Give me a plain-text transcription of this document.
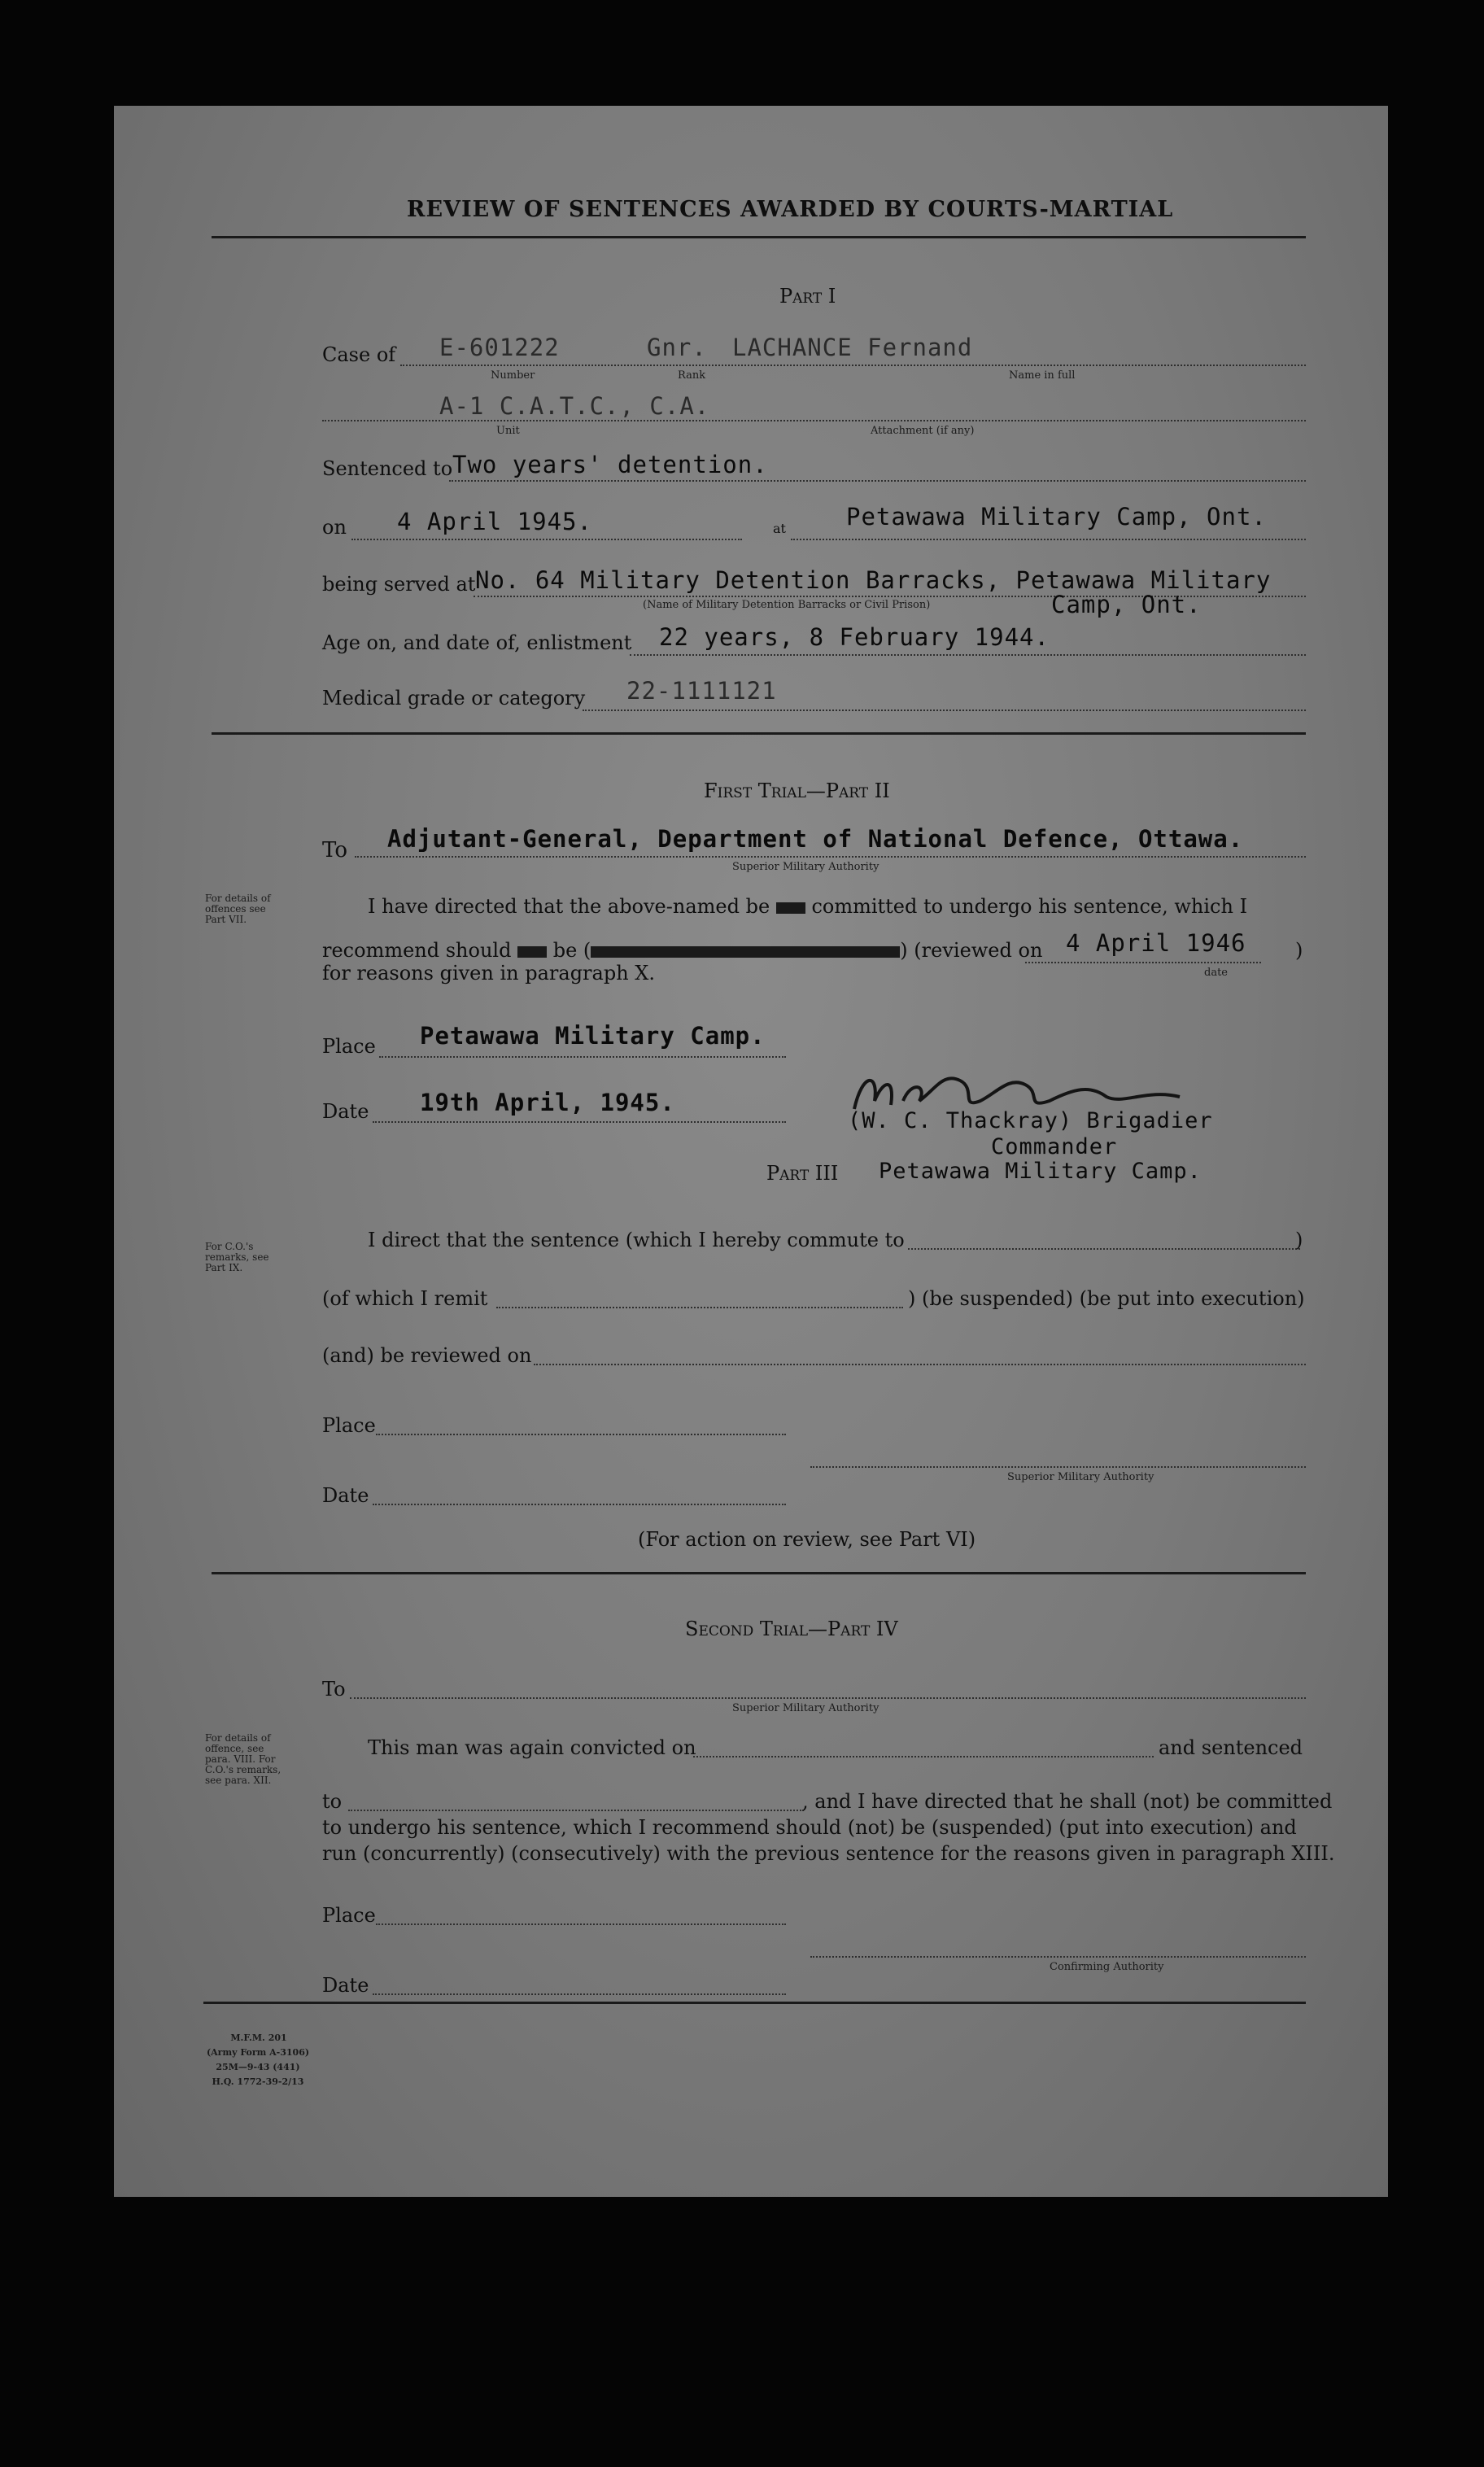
REVIEW OF SENTENCES AWARDED BY COURTS-MARTIAL
Part I
Case of E-601222	Gnr. LACHANCE Fernand
Number	Rank	Name in full
A-1 C.A.T.C., C.A.
Unit	Attachment (if any)
Sentenced to Two years' detention.
on 4 April 1945.	at	Petawawa Military Camp, Ont.
being served at No. 64 Military Detention Barracks, Petawawa Military
Camp, Ont.
(Name of Military Detention Barracks or Civil Prison)
Age on, and date of, enlistment 22 years, 8 February 1944.
Medical grade or category 22-1111121
First Trial—Part II
To Adjutant-General, Department of National Defence, Ottawa.
Superior Military Authority
For details of offences see Part VII.
I have directed that the above-named be committed to undergo his sentence, which I
recommend should be (	) (reviewed on 4 April 1946	)
date
for reasons given in paragraph X.
Place Petawawa Military Camp.
Date 19th April, 1945.
(W. C. Thackray) Brigadier
Commander
Part III Petawawa Military Camp.
For C.O.'s remarks, see Part IX.
I direct that the sentence (which I hereby commute to	)
(of which I remit	) (be suspended) (be put into execution)
(and) be reviewed on
Place
Date
Superior Military Authority
(For action on review, see Part VI)
Second Trial—Part IV
To
Superior Military Authority
For details of offence, see para. VIII. For C.O.'s remarks, see para. XII.
This man was again convicted on	and sentenced
to	, and I have directed that he shall (not) be committed
to undergo his sentence, which I recommend should (not) be (suspended) (put into execution) and
run (concurrently) (consecutively) with the previous sentence for the reasons given in paragraph XIII.
Place
Date
Confirming Authority
M.F.M. 201
(Army Form A-3106)
25M—9-43 (441)
H.Q. 1772-39-2/13
